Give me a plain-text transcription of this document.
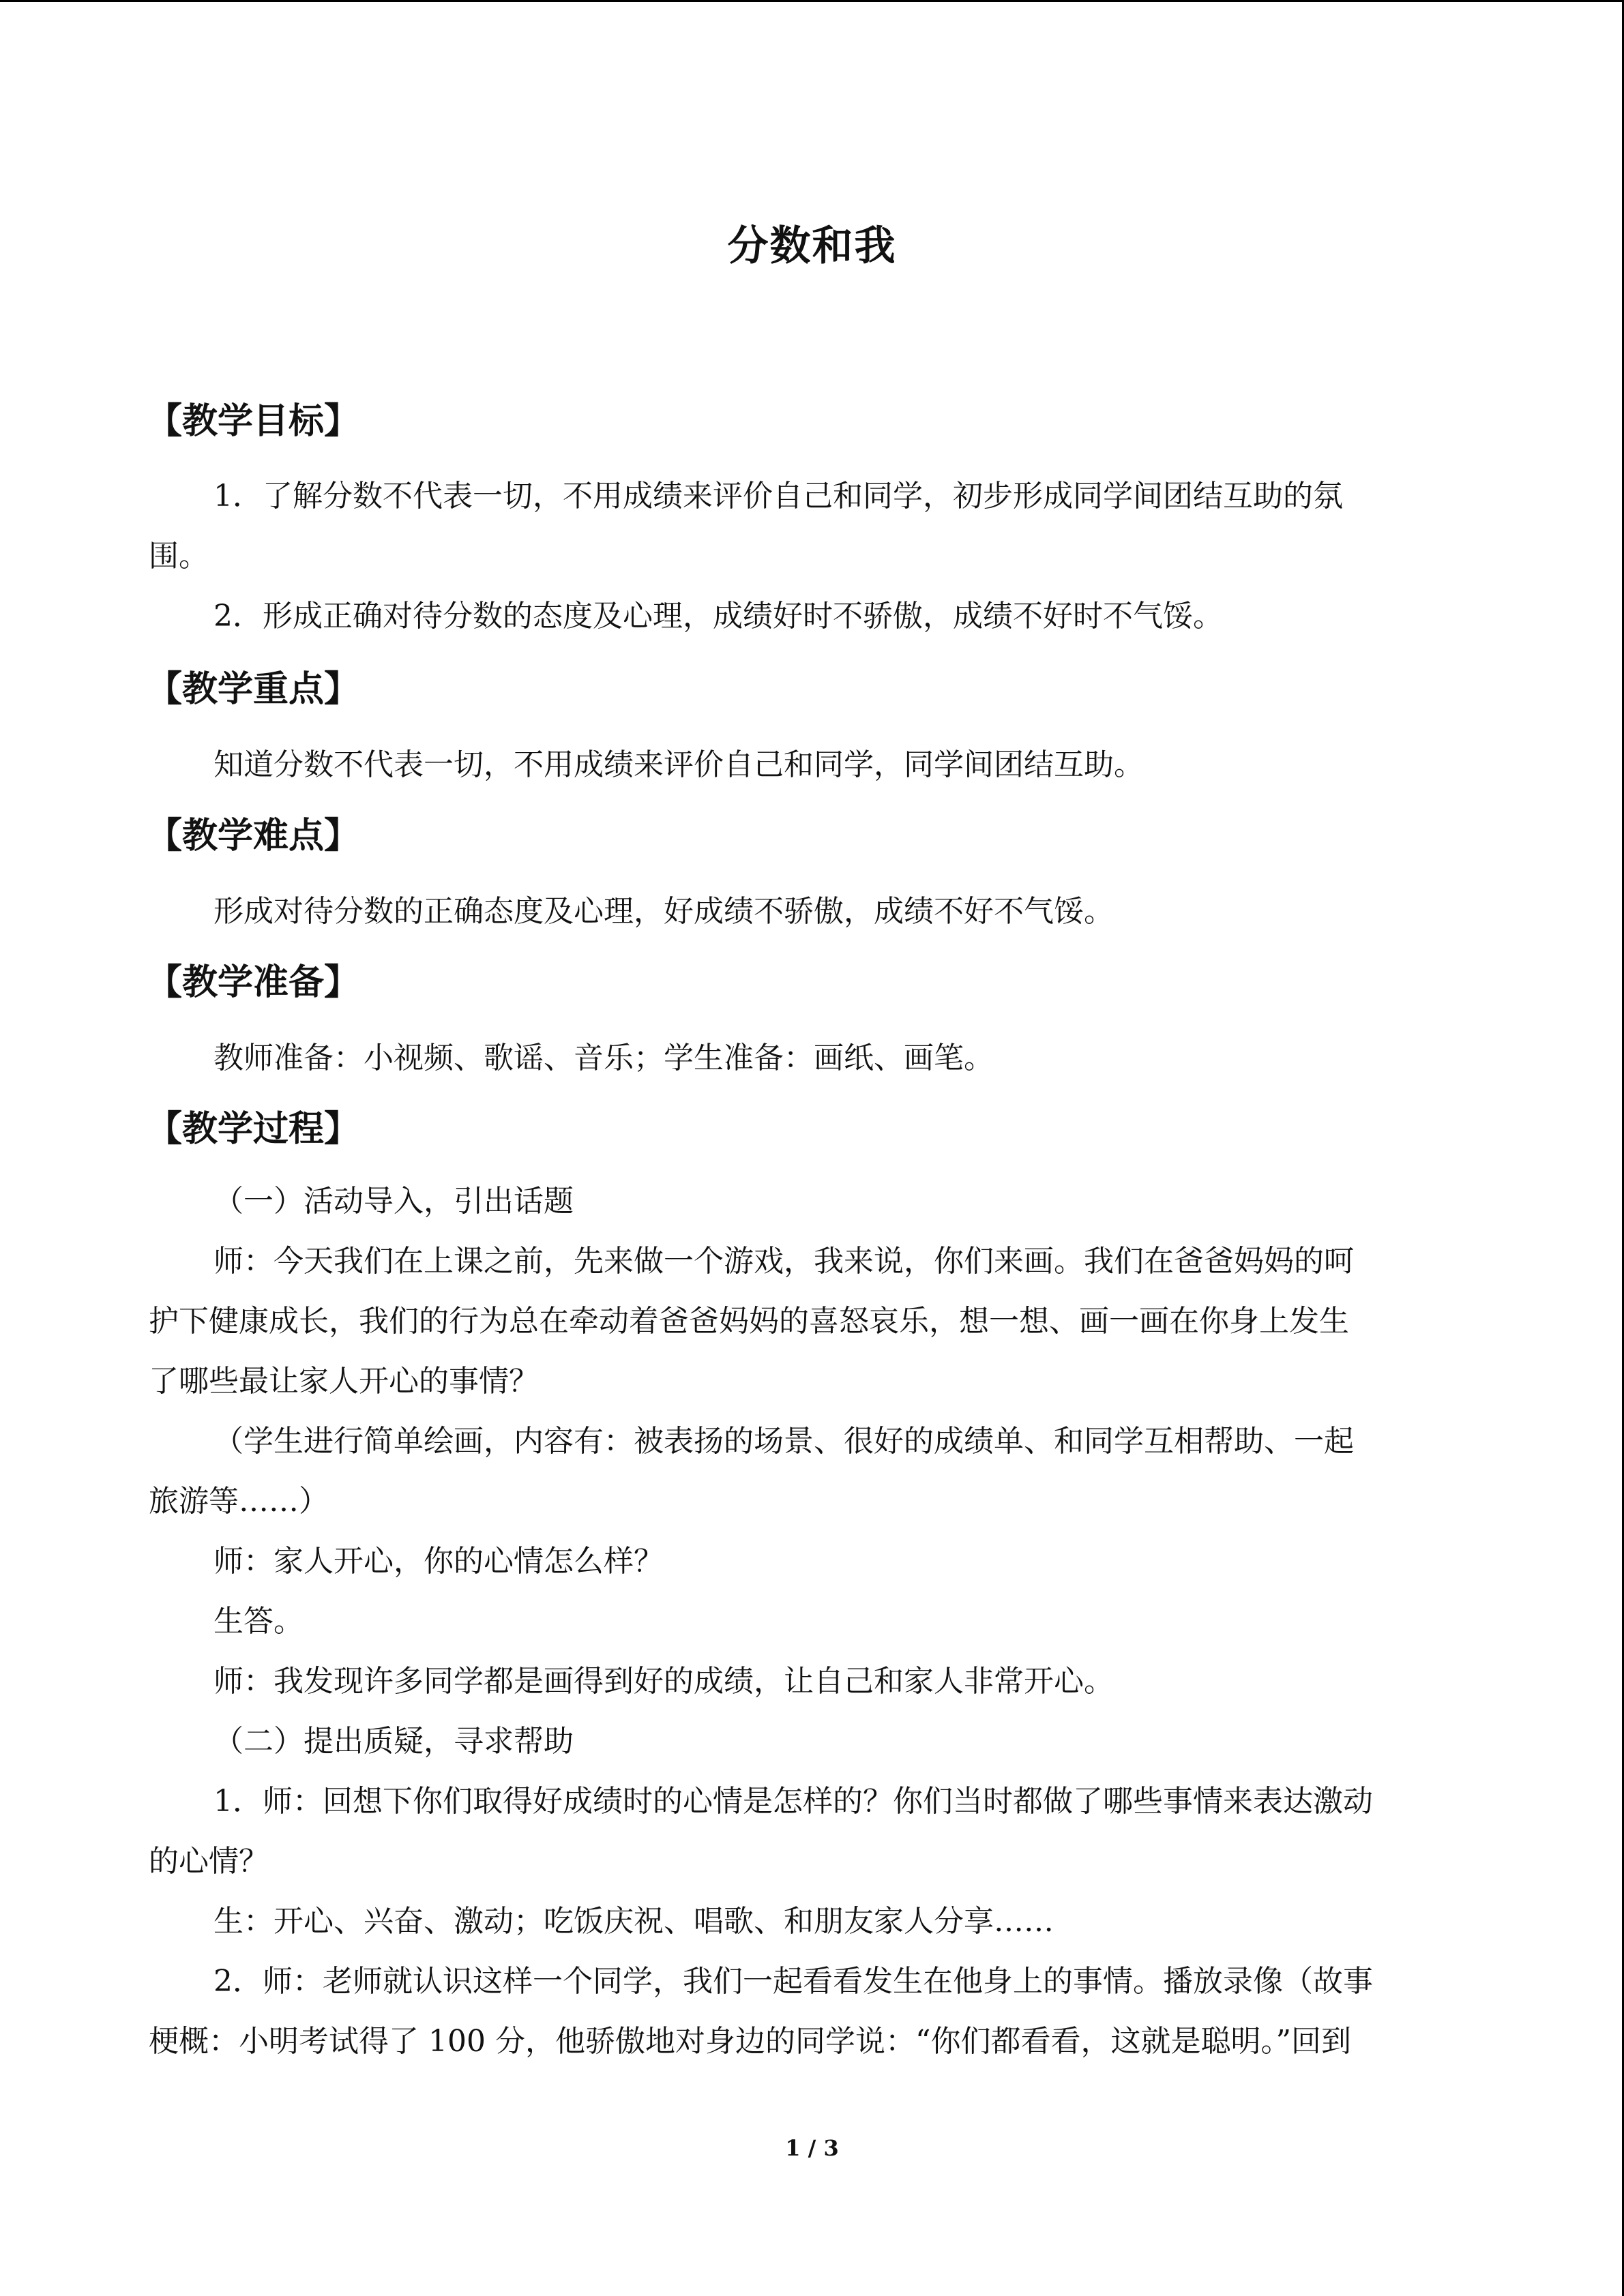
分数和我
【教学目标】
1．了解分数不代表一切，不用成绩来评价自己和同学，初步形成同学间团结互助的氛
围。
2．形成正确对待分数的态度及心理，成绩好时不骄傲，成绩不好时不气馁。
【教学重点】
知道分数不代表一切，不用成绩来评价自己和同学，同学间团结互助。
【教学难点】
形成对待分数的正确态度及心理，好成绩不骄傲，成绩不好不气馁。
【教学准备】
教师准备：小视频、歌谣、音乐；学生准备：画纸、画笔。
【教学过程】
（一）活动导入，引出话题
师：今天我们在上课之前，先来做一个游戏，我来说，你们来画。我们在爸爸妈妈的呵
护下健康成长，我们的行为总在牵动着爸爸妈妈的喜怒哀乐，想一想、画一画在你身上发生
了哪些最让家人开心的事情？
（学生进行简单绘画，内容有：被表扬的场景、很好的成绩单、和同学互相帮助、一起
旅游等……）
师：家人开心，你的心情怎么样？
生答。
师：我发现许多同学都是画得到好的成绩，让自己和家人非常开心。
（二）提出质疑，寻求帮助
1．师：回想下你们取得好成绩时的心情是怎样的？你们当时都做了哪些事情来表达激动
的心情？
生：开心、兴奋、激动；吃饭庆祝、唱歌、和朋友家人分享……
2．师：老师就认识这样一个同学，我们一起看看发生在他身上的事情。播放录像（故事
梗概：小明考试得了 100 分，他骄傲地对身边的同学说：“你们都看看，这就是聪明。”回到
1 / 3
